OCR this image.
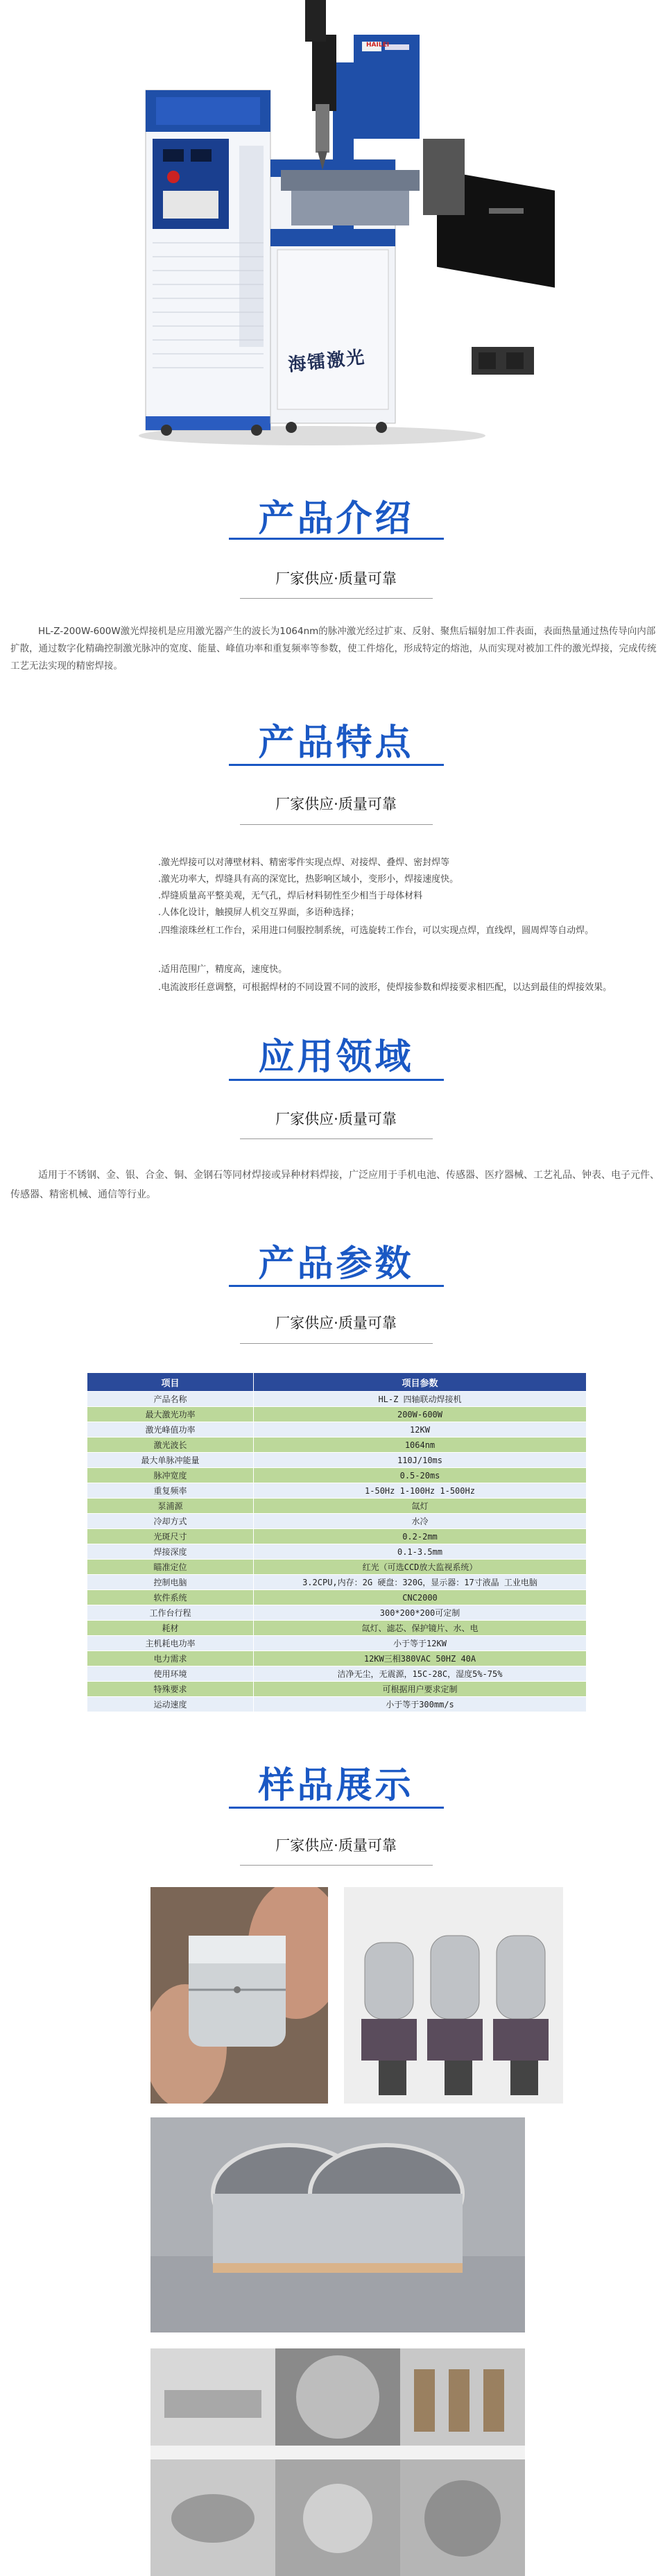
海镭激光
HAILEI
产品介绍
厂家供应·质量可靠
HL-Z-200W-600W激光焊接机是应用激光器产生的波长为1064nm的脉冲激光经过扩束、反射、聚焦后辐射加工件表面，表面热量通过热传导向内部扩散，通过数字化精确控制激光脉冲的宽度、能量、峰值功率和重复频率等参数，使工件熔化，形成特定的熔池，从而实现对被加工件的激光焊接，完成传统工艺无法实现的精密焊接。
产品特点
厂家供应·质量可靠
.激光焊接可以对薄壁材料、精密零件实现点焊、对接焊、叠焊、密封焊等
.激光功率大，焊缝具有高的深宽比，热影响区域小，变形小，焊接速度快。
.焊缝质量高平整美观，无气孔，焊后材料韧性至少相当于母体材料
.人体化设计，触摸屏人机交互界面，多语种选择；
.四维滚珠丝杠工作台，采用进口伺服控制系统，可选旋转工作台，可以实现点焊，直线焊，圆周焊等自动焊。
.适用范围广，精度高，速度快。
.电流波形任意调整，可根据焊材的不同设置不同的波形，使焊接参数和焊接要求相匹配，以达到最佳的焊接效果。
应用领域
厂家供应·质量可靠
适用于不锈钢、金、银、合金、铜、金钢石等同材焊接或异种材料焊接，广泛应用于手机电池、传感器、医疗器械、工艺礼品、钟表、电子元件、传感器、精密机械、通信等行业。
产品参数
厂家供应·质量可靠
项目	项目参数
产品名称	HL-Z 四轴联动焊接机
最大激光功率	200W-600W
激光峰值功率	12KW
激光波长	1064nm
最大单脉冲能量	110J/10ms
脉冲宽度	0.5-20ms
重复频率	1-50Hz 1-100Hz 1-500Hz
泵浦源	氙灯
冷却方式	水冷
光斑尺寸	0.2-2mm
焊接深度	0.1-3.5mm
瞄准定位	红光（可选CCD放大监视系统）
控制电脑	3.2CPU,内存：2G 硬盘：320G，显示器：17寸液晶 工业电脑
软件系统	CNC2000
工作台行程	300*200*200可定制
耗材	氙灯、滤芯、保护镜片、水、电
主机耗电功率	小于等于12KW
电力需求	12KW三相380VAC 50HZ 40A
使用环境	洁净无尘，无震源，15C-28C，湿度5%-75%
特殊要求	可根据用户要求定制
运动速度	小于等于300mm/s
样品展示
厂家供应·质量可靠
